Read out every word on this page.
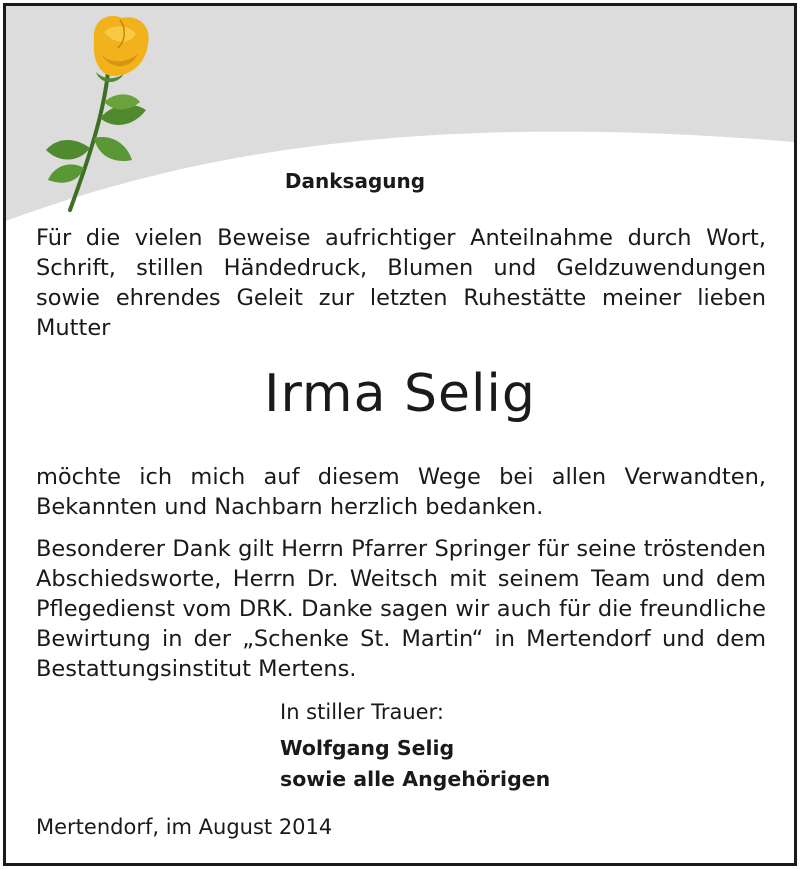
Danksagung

Für die vielen Beweise aufrichtiger Anteilnahme durch Wort, Schrift, stillen Händedruck, Blumen und Geldzuwendungen sowie ehrendes Geleit zur letzten Ruhestätte meiner lieben Mutter

Irma Selig

möchte ich mich auf diesem Wege bei allen Verwandten, Bekannten und Nachbarn herzlich bedanken.

Besonderer Dank gilt Herrn Pfarrer Springer für seine tröstenden Abschiedsworte, Herrn Dr. Weitsch mit seinem Team und dem Pflegedienst vom DRK. Danke sagen wir auch für die freundliche Bewirtung in der „Schenke St. Martin“ in Mertendorf und dem Bestattungsinstitut Mertens.

In stiller Trauer:
Wolfgang Selig
sowie alle Angehörigen
Mertendorf, im August 2014
